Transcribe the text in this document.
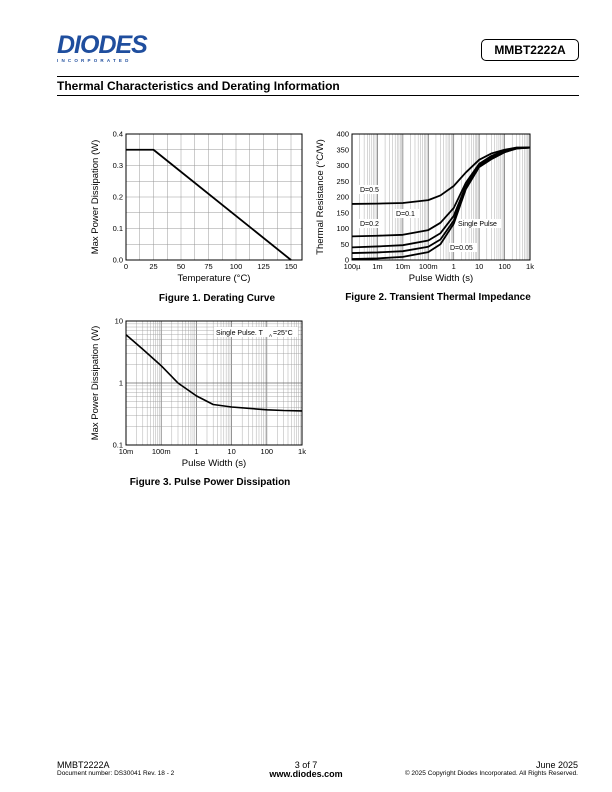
DIODES
INCORPORATED
MMBT2222A
Thermal Characteristics and Derating Information
0	25	50	75 100 125 150
0.0
0.1
0.2
0.3
0.4
Temperature (°C)
Max Power Dissipation (W)
Figure 1. Derating Curve
100µ 1m 10m 100m 1	10 100 1k
0
50
100
150
200
250
300
350
400
Pulse Width (s)
Thermal Resistance (°C/W)	D=0.5
D=0.2
D=0.1
D=0.05
Single Pulse
Figure 2. Transient Thermal Impedance
10m 100m	1	10	100	1k
0.1
1
10
Pulse Width (s)
Max Power Dissipation (W)	Single Pulse. T A =25°C
Figure 3. Pulse Power Dissipation
MMBT2222A
Document number: DS30041 Rev. 18 - 2
3 of 7
www.diodes.com
June 2025
© 2025 Copyright Diodes Incorporated. All Rights Reserved.
